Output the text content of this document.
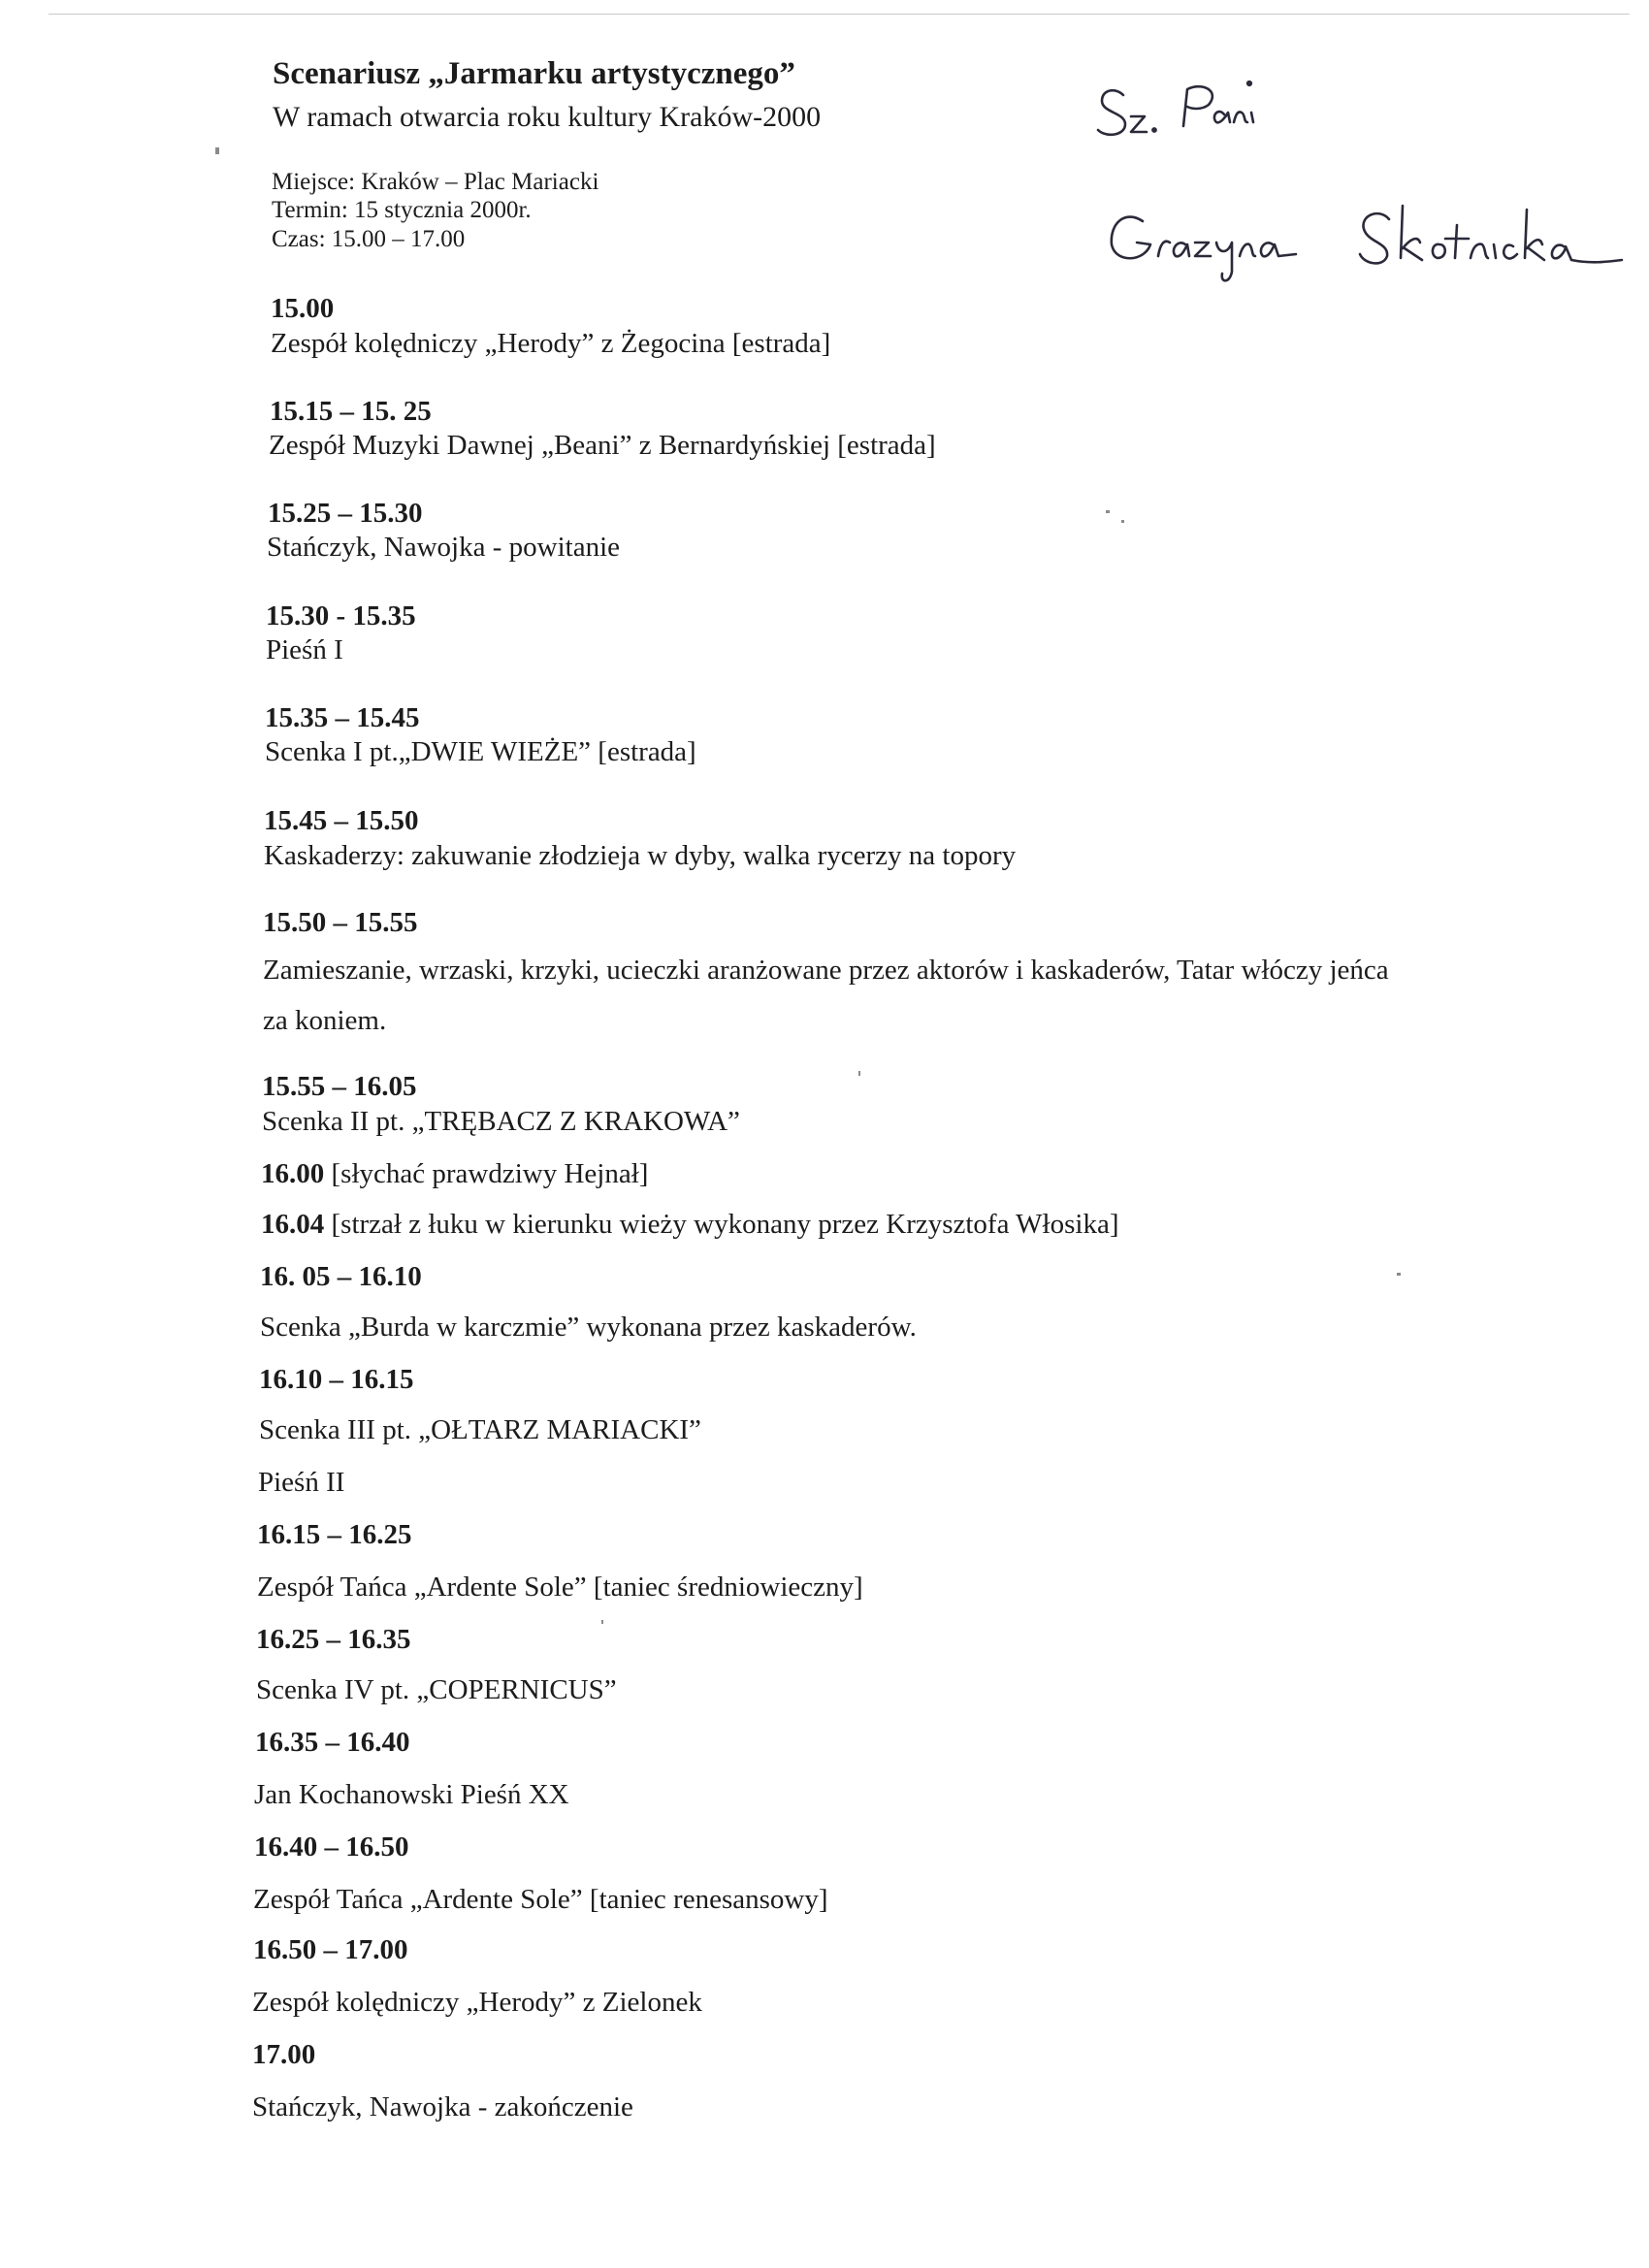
Scenariusz „Jarmarku artystycznego”
W ramach otwarcia roku kultury Kraków-2000
Miejsce: Kraków – Plac Mariacki
Termin: 15 stycznia 2000r.
Czas: 15.00 – 17.00
15.00
Zespół kolędniczy „Herody” z Żegocina [estrada]
15.15 – 15. 25
Zespół Muzyki Dawnej „Beani” z Bernardyńskiej [estrada]
15.25 – 15.30
Stańczyk, Nawojka - powitanie
15.30 - 15.35
Pieśń I
15.35 – 15.45
Scenka I pt.„DWIE WIEŻE” [estrada]
15.45 – 15.50
Kaskaderzy: zakuwanie złodzieja w dyby, walka rycerzy na topory
15.50 – 15.55
Zamieszanie, wrzaski, krzyki, ucieczki aranżowane przez aktorów i kaskaderów, Tatar włóczy jeńca
za koniem.
15.55 – 16.05
Scenka II pt. „TRĘBACZ Z KRAKOWA”
16.00 [słychać prawdziwy Hejnał]
16.04 [strzał z łuku w kierunku wieży wykonany przez Krzysztofa Włosika]
16. 05 – 16.10
Scenka „Burda w karczmie” wykonana przez kaskaderów.
16.10 – 16.15
Scenka III pt. „OŁTARZ MARIACKI”
Pieśń II
16.15 – 16.25
Zespół Tańca „Ardente Sole” [taniec średniowieczny]
16.25 – 16.35
Scenka IV pt. „COPERNICUS”
16.35 – 16.40
Jan Kochanowski Pieśń XX
16.40 – 16.50
Zespół Tańca „Ardente Sole” [taniec renesansowy]
16.50 – 17.00
Zespół kolędniczy „Herody” z Zielonek
17.00
Stańczyk, Nawojka - zakończenie
